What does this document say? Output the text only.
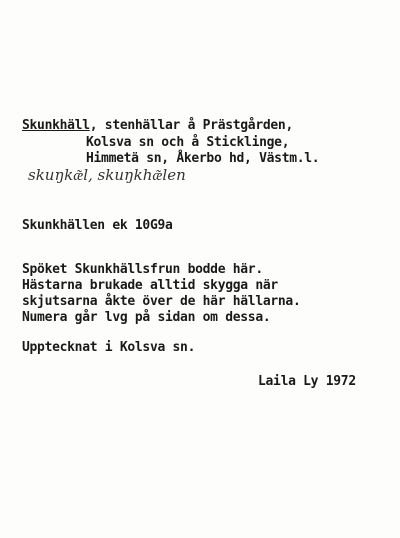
Skunkhäll, stenhällar å Prästgården,
Kolsva sn och å Sticklinge,
Himmetä sn, Åkerbo hd, Västm.l.
skuŋkæ͂l, skuŋkhæ͂len
Skunkhällen ek 10G9a
Spöket Skunkhällsfrun bodde här.
Hästarna brukade alltid skygga när
skjutsarna åkte över de här hällarna.
Numera går lvg på sidan om dessa.
Upptecknat i Kolsva sn.
Laila Ly 1972
